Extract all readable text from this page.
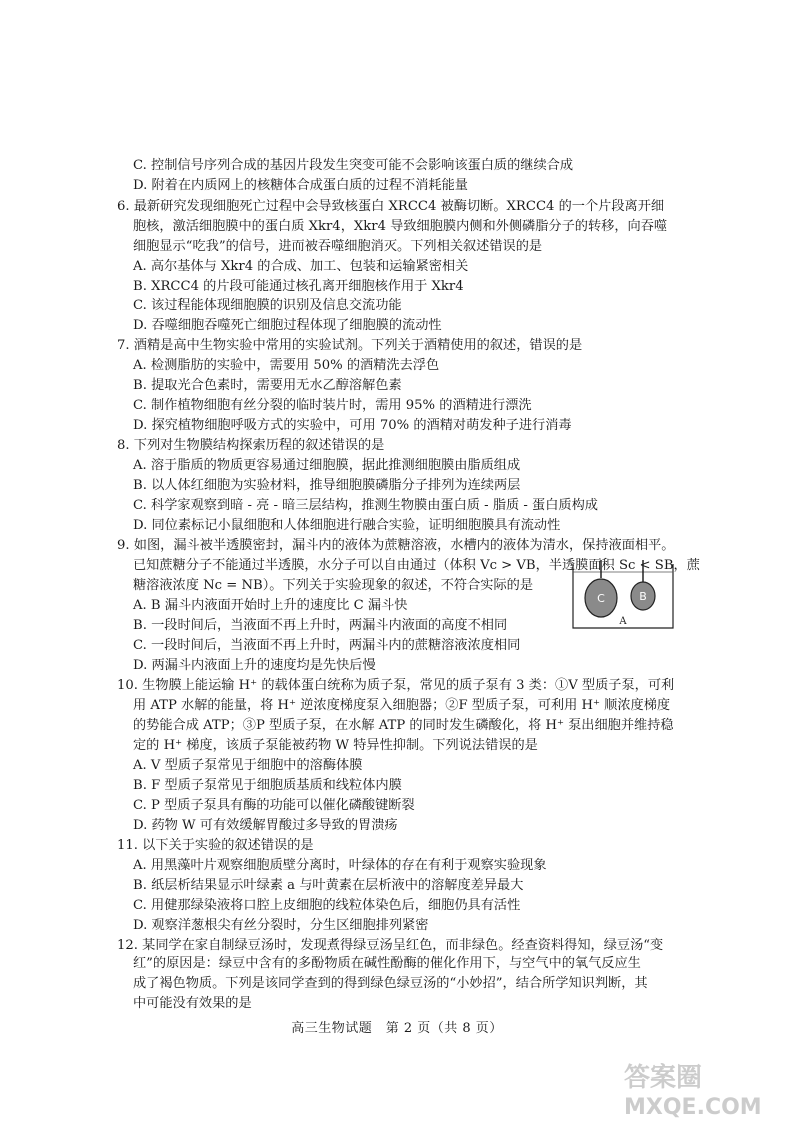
C. 控制信号序列合成的基因片段发生突变可能不会影响该蛋白质的继续合成
D. 附着在内质网上的核糖体合成蛋白质的过程不消耗能量
6. 最新研究发现细胞死亡过程中会导致核蛋白 XRCC4 被酶切断。XRCC4 的一个片段离开细
胞核，激活细胞膜中的蛋白质 Xkr4，Xkr4 导致细胞膜内侧和外侧磷脂分子的转移，向吞噬
细胞显示“吃我”的信号，进而被吞噬细胞消灭。下列相关叙述错误的是
A. 高尔基体与 Xkr4 的合成、加工、包装和运输紧密相关
B. XRCC4 的片段可能通过核孔离开细胞核作用于 Xkr4
C. 该过程能体现细胞膜的识别及信息交流功能
D. 吞噬细胞吞噬死亡细胞过程体现了细胞膜的流动性
7. 酒精是高中生物实验中常用的实验试剂。下列关于酒精使用的叙述，错误的是
A. 检测脂肪的实验中，需要用 50% 的酒精洗去浮色
B. 提取光合色素时，需要用无水乙醇溶解色素
C. 制作植物细胞有丝分裂的临时装片时，需用 95% 的酒精进行漂洗
D. 探究植物细胞呼吸方式的实验中，可用 70% 的酒精对萌发种子进行消毒
8. 下列对生物膜结构探索历程的叙述错误的是
A. 溶于脂质的物质更容易通过细胞膜，据此推测细胞膜由脂质组成
B. 以人体红细胞为实验材料，推导细胞膜磷脂分子排列为连续两层
C. 科学家观察到暗 - 亮 - 暗三层结构，推测生物膜由蛋白质 - 脂质 - 蛋白质构成
D. 同位素标记小鼠细胞和人体细胞进行融合实验，证明细胞膜具有流动性
9. 如图，漏斗被半透膜密封，漏斗内的液体为蔗糖溶液，水槽内的液体为清水，保持液面相平。
已知蔗糖分子不能通过半透膜，水分子可以自由通过（体积 Vc > VB，半透膜面积 Sc < SB，蔗
糖溶液浓度 Nc = NB）。下列关于实验现象的叙述，不符合实际的是
A. B 漏斗内液面开始时上升的速度比 C 漏斗快
B. 一段时间后，当液面不再上升时，两漏斗内液面的高度不相同
C. 一段时间后，当液面不再上升时，两漏斗内的蔗糖溶液浓度相同
D. 两漏斗内液面上升的速度均是先快后慢
C	B
A
10. 生物膜上能运输 H⁺ 的载体蛋白统称为质子泵，常见的质子泵有 3 类：①V 型质子泵，可利
用 ATP 水解的能量，将 H⁺ 逆浓度梯度泵入细胞器；②F 型质子泵，可利用 H⁺ 顺浓度梯度
的势能合成 ATP；③P 型质子泵，在水解 ATP 的同时发生磷酸化，将 H⁺ 泵出细胞并维持稳
定的 H⁺ 梯度，该质子泵能被药物 W 特异性抑制。下列说法错误的是
A. V 型质子泵常见于细胞中的溶酶体膜
B. F 型质子泵常见于细胞质基质和线粒体内膜
C. P 型质子泵具有酶的功能可以催化磷酸键断裂
D. 药物 W 可有效缓解胃酸过多导致的胃溃疡
11. 以下关于实验的叙述错误的是
A. 用黑藻叶片观察细胞质壁分离时，叶绿体的存在有利于观察实验现象
B. 纸层析结果显示叶绿素 a 与叶黄素在层析液中的溶解度差异最大
C. 用健那绿染液将口腔上皮细胞的线粒体染色后，细胞仍具有活性
D. 观察洋葱根尖有丝分裂时，分生区细胞排列紧密
12. 某同学在家自制绿豆汤时，发现煮得绿豆汤呈红色，而非绿色。经查资料得知，绿豆汤“变
红”的原因是：绿豆中含有的多酚物质在碱性酚酶的催化作用下，与空气中的氧气反应生
成了褐色物质。下列是该同学查到的得到绿色绿豆汤的“小妙招”，结合所学知识判断，其
中可能没有效果的是
高三生物试题　第 2 页（共 8 页）
答案圈
MXQE.COM
